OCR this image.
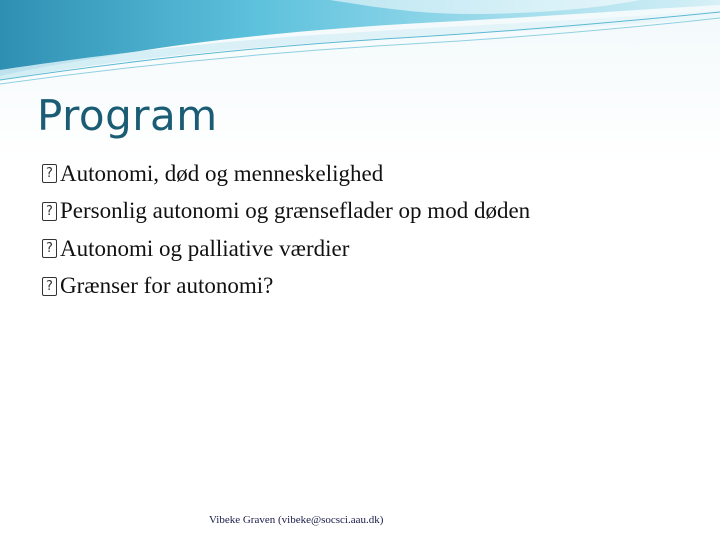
Program
?
Autonomi, død og menneskelighed
?
Personlig autonomi og grænseflader op mod døden
?
Autonomi og palliative værdier
?
Grænser for autonomi?
Vibeke Graven (vibeke@socsci.aau.dk)
